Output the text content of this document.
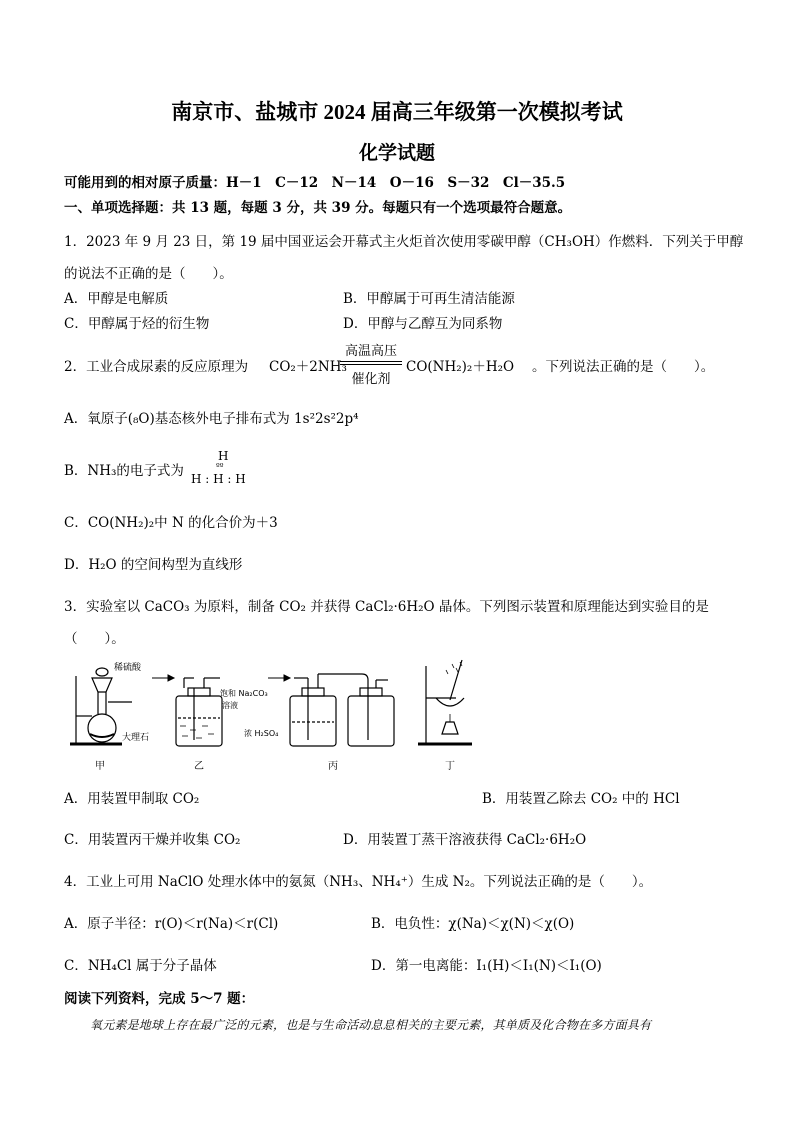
南京市、盐城市 2024 届高三年级第一次模拟考试
化学试题
可能用到的相对原子质量：H－1　C－12　N－14　O－16　S－32　Cl－35.5
一、单项选择题：共 13 题，每题 3 分，共 39 分。每题只有一个选项最符合题意。
1．2023 年 9 月 23 日，第 19 届中国亚运会开幕式主火炬首次使用零碳甲醇（CH₃OH）作燃料．下列关于甲醇
的说法不正确的是（　　）。
A．甲醇是电解质	B．甲醇属于可再生清洁能源
C．甲醇属于烃的衍生物	D．甲醇与乙醇互为同系物
2．工业合成尿素的反应原理为 CO₂＋2NH₃
高温高压
催化剂
CO(NH₂)₂＋H₂O 。下列说法正确的是（　　）。
A．氧原子(₈O)基态核外电子排布式为 1s²2s²2p⁴
B．NH₃的电子式为
H
ºº
H : H : H
C．CO(NH₂)₂中 N 的化合价为＋3
D．H₂O 的空间构型为直线形
3．实验室以 CaCO₃ 为原料，制备 CO₂ 并获得 CaCl₂·6H₂O 晶体。下列图示装置和原理能达到实验目的是
（　　）。
稀硫酸
大理石
甲
饱和 Na₂CO₃
溶液
乙
浓 H₂SO₄
丙	丁
A．用装置甲制取 CO₂	B．用装置乙除去 CO₂ 中的 HCl
C．用装置丙干燥并收集 CO₂	D．用装置丁蒸干溶液获得 CaCl₂·6H₂O
4．工业上可用 NaClO 处理水体中的氨氮（NH₃、NH₄⁺）生成 N₂。下列说法正确的是（　　）。
A．原子半径：r(O)＜r(Na)＜r(Cl)	B．电负性：χ(Na)＜χ(N)＜χ(O)
C．NH₄Cl 属于分子晶体	D．第一电离能：I₁(H)＜I₁(N)＜I₁(O)
阅读下列资料，完成 5～7 题：
氧元素是地球上存在最广泛的元素，也是与生命活动息息相关的主要元素，其单质及化合物在多方面具有
